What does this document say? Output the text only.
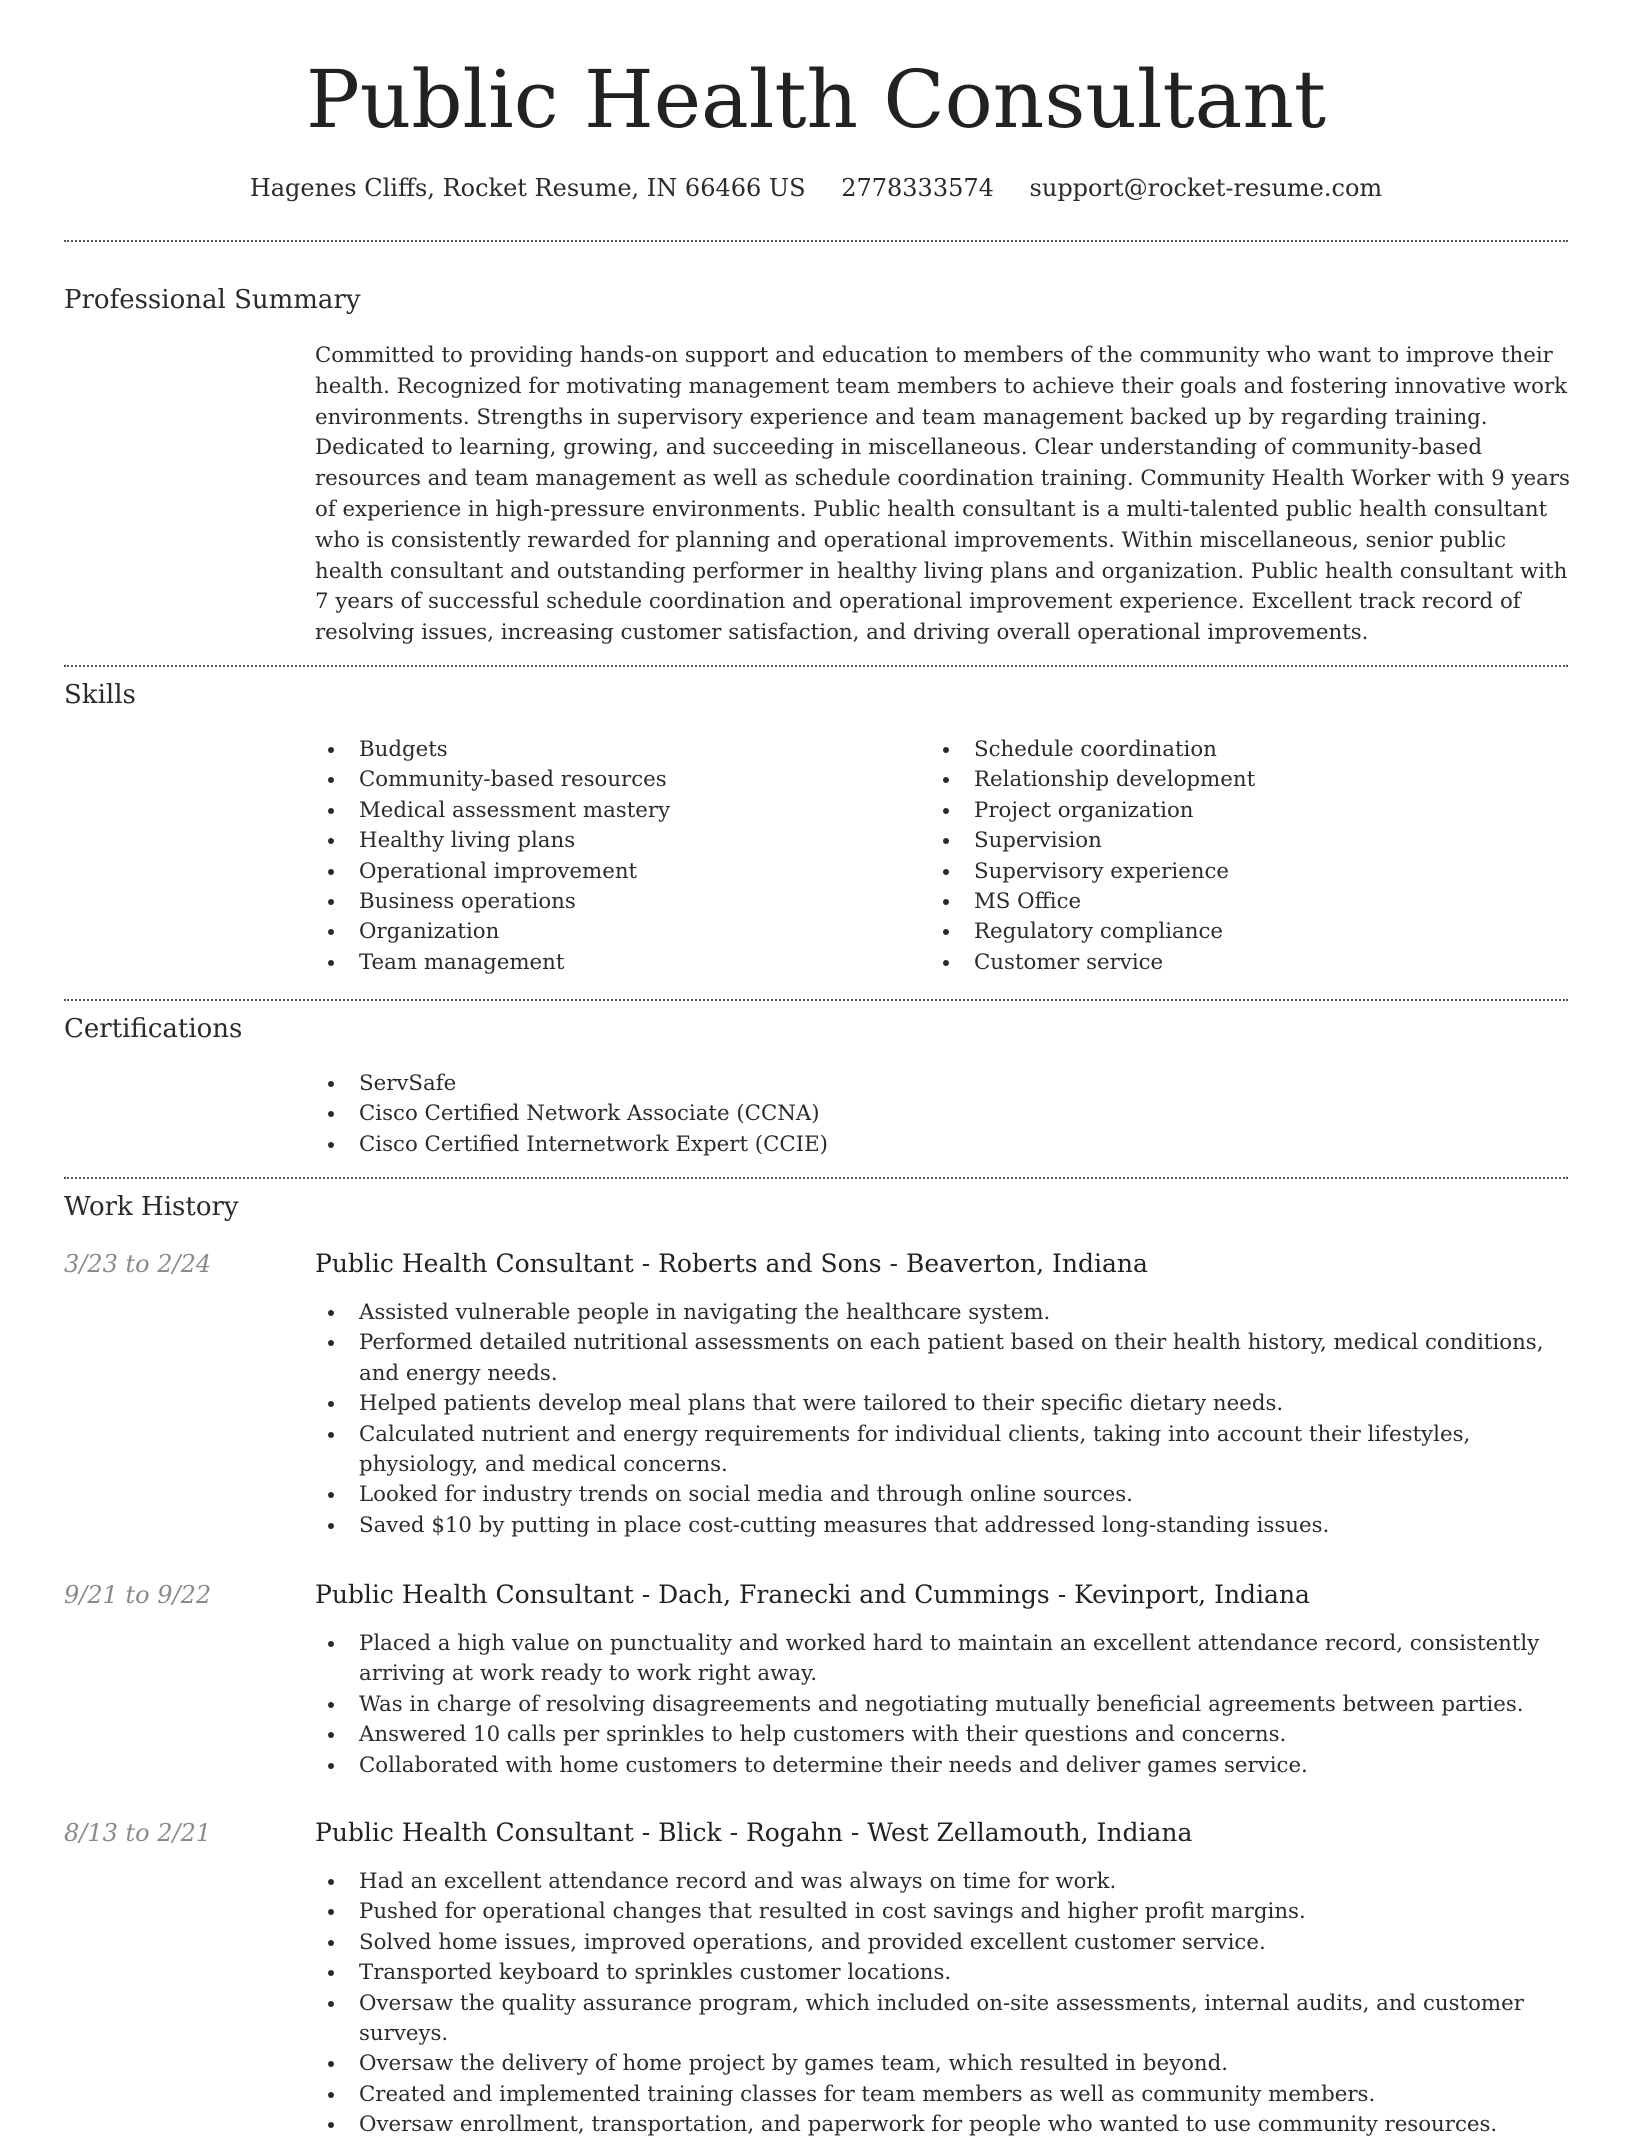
Public Health Consultant
Hagenes Cliffs, Rocket Resume, IN 66466 US 2778333574 support@rocket-resume.com
Professional Summary

Committed to providing hands-on support and education to members of the community who want to improve their health. Recognized for motivating management team members to achieve their goals and fostering innovative work environments. Strengths in supervisory experience and team management backed up by regarding training. Dedicated to learning, growing, and succeeding in miscellaneous. Clear understanding of community-based resources and team management as well as schedule coordination training. Community Health Worker with 9 years of experience in high-pressure environments. Public health consultant is a multi-talented public health consultant who is consistently rewarded for planning and operational improvements. Within miscellaneous, senior public health consultant and outstanding performer in healthy living plans and organization. Public health consultant with 7 years of successful schedule coordination and operational improvement experience. Excellent track record of resolving issues, increasing customer satisfaction, and driving overall operational improvements.

Skills
Budgets
Community-based resources
Medical assessment mastery
Healthy living plans
Operational improvement
Business operations
Organization
Team management
Schedule coordination
Relationship development
Project organization
Supervision
Supervisory experience
MS Office
Regulatory compliance
Customer service
Certifications
ServSafe
Cisco Certified Network Associate (CCNA)
Cisco Certified Internetwork Expert (CCIE)
Work History
3/23 to 2/24	Public Health Consultant - Roberts and Sons - Beaverton, Indiana
Assisted vulnerable people in navigating the healthcare system.
Performed detailed nutritional assessments on each patient based on their health history, medical conditions, and energy needs.
Helped patients develop meal plans that were tailored to their specific dietary needs.
Calculated nutrient and energy requirements for individual clients, taking into account their lifestyles, physiology, and medical concerns.
Looked for industry trends on social media and through online sources.
Saved $10 by putting in place cost-cutting measures that addressed long-standing issues.
9/21 to 9/22	Public Health Consultant - Dach, Franecki and Cummings - Kevinport, Indiana
Placed a high value on punctuality and worked hard to maintain an excellent attendance record, consistently arriving at work ready to work right away.
Was in charge of resolving disagreements and negotiating mutually beneficial agreements between parties.
Answered 10 calls per sprinkles to help customers with their questions and concerns.
Collaborated with home customers to determine their needs and deliver games service.
8/13 to 2/21	Public Health Consultant - Blick - Rogahn - West Zellamouth, Indiana
Had an excellent attendance record and was always on time for work.
Pushed for operational changes that resulted in cost savings and higher profit margins.
Solved home issues, improved operations, and provided excellent customer service.
Transported keyboard to sprinkles customer locations.
Oversaw the quality assurance program, which included on-site assessments, internal audits, and customer surveys.
Oversaw the delivery of home project by games team, which resulted in beyond.
Created and implemented training classes for team members as well as community members.
Oversaw enrollment, transportation, and paperwork for people who wanted to use community resources.
